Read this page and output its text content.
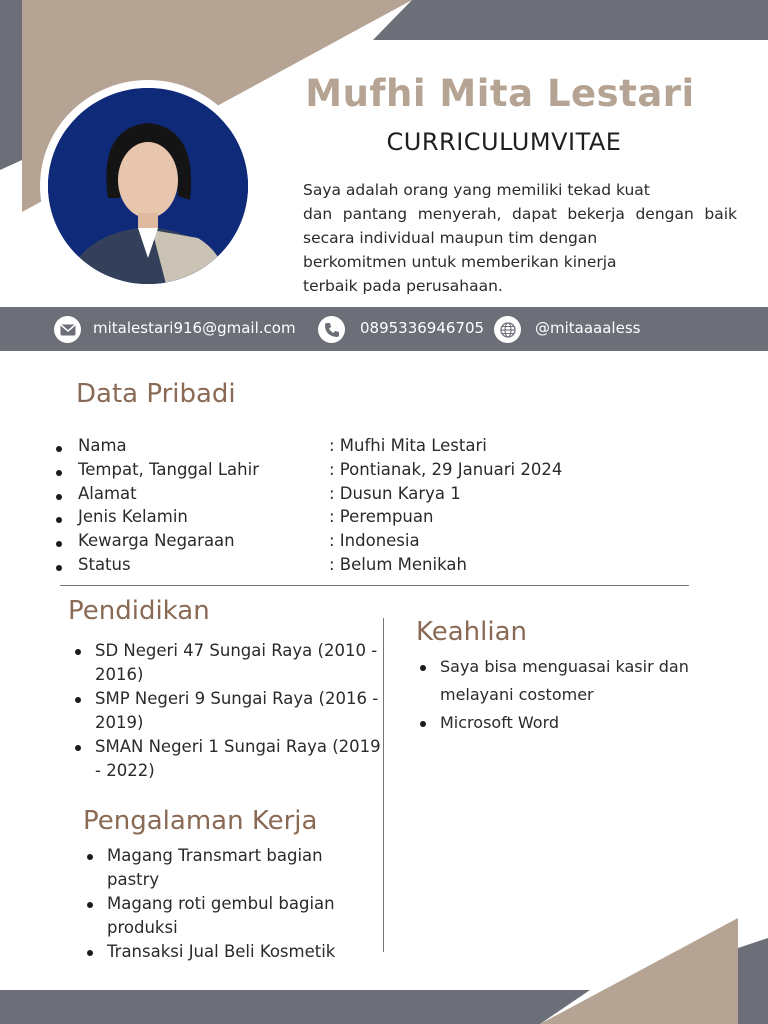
Mufhi Mita Lestari
CURRICULUMVITAE
Saya adalah orang yang memiliki tekad kuat
dan pantang menyerah, dapat bekerja dengan baik
secara individual maupun tim dengan
berkomitmen untuk memberikan kinerja
terbaik pada perusahaan.
mitalestari916@gmail.com	0895336946705	@mitaaaaless
Data Pribadi
Nama	: Mufhi Mita Lestari
Tempat, Tanggal Lahir	: Pontianak, 29 Januari 2024
Alamat	: Dusun Karya 1
Jenis Kelamin	: Perempuan
Kewarga Negaraan	: Indonesia
Status	: Belum Menikah
Pendidikan
SD Negeri 47 Sungai Raya (2010 -
2016)
SMP Negeri 9 Sungai Raya (2016 -
2019)
SMAN Negeri 1 Sungai Raya (2019
- 2022)
Pengalaman Kerja
Magang Transmart bagian
pastry
Magang roti gembul bagian
produksi
Transaksi Jual Beli Kosmetik
Keahlian
Saya bisa menguasai kasir dan
melayani costomer
Microsoft Word
